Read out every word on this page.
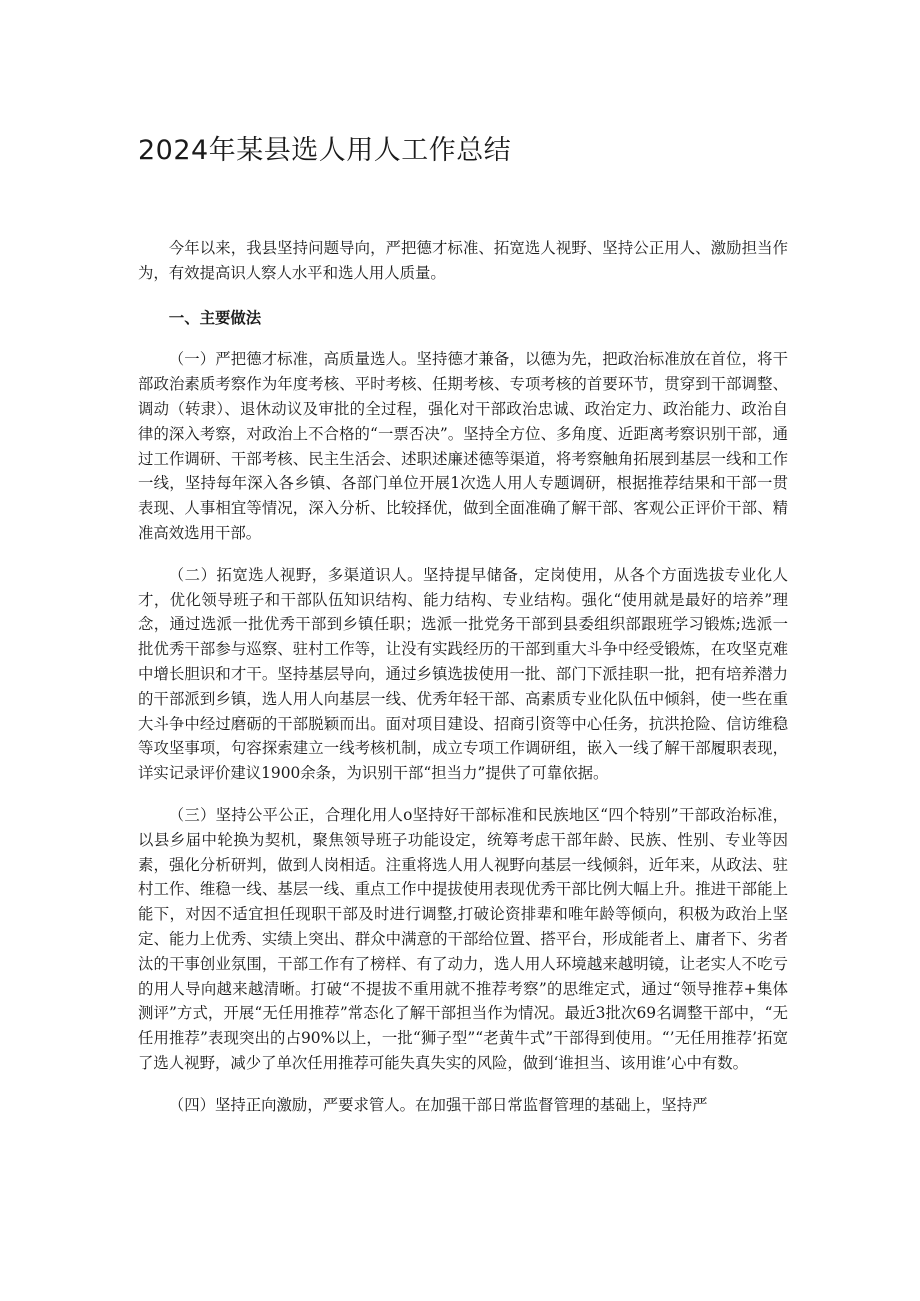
2024年某县选人用人工作总结

今年以来，我县坚持问题导向，严把德才标准、拓宽选人视野、坚持公正用人、激励担当作为，有效提高识人察人水平和选人用人质量。

一、主要做法

（一）严把德才标准，高质量选人。坚持德才兼备，以德为先，把政治标准放在首位，将干部政治素质考察作为年度考核、平时考核、任期考核、专项考核的首要环节，贯穿到干部调整、调动（转隶）、退休动议及审批的全过程，强化对干部政治忠诚、政治定力、政治能力、政治自律的深入考察，对政治上不合格的“一票否决”。坚持全方位、多角度、近距离考察识别干部，通过工作调研、干部考核、民主生活会、述职述廉述德等渠道，将考察触角拓展到基层一线和工作一线，坚持每年深入各乡镇、各部门单位开展1次选人用人专题调研，根据推荐结果和干部一贯表现、人事相宜等情况，深入分析、比较择优，做到全面准确了解干部、客观公正评价干部、精准高效选用干部。

（二）拓宽选人视野，多渠道识人。坚持提早储备，定岗使用，从各个方面选拔专业化人才，优化领导班子和干部队伍知识结构、能力结构、专业结构。强化“使用就是最好的培养”理念，通过选派一批优秀干部到乡镇任职；选派一批党务干部到县委组织部跟班学习锻炼;选派一批优秀干部参与巡察、驻村工作等，让没有实践经历的干部到重大斗争中经受锻炼，在攻坚克难中增长胆识和才干。坚持基层导向，通过乡镇选拔使用一批、部门下派挂职一批，把有培养潜力的干部派到乡镇，选人用人向基层一线、优秀年轻干部、高素质专业化队伍中倾斜，使一些在重大斗争中经过磨砺的干部脱颖而出。面对项目建设、招商引资等中心任务，抗洪抢险、信访维稳等攻坚事项，句容探索建立一线考核机制，成立专项工作调研组，嵌入一线了解干部履职表现，详实记录评价建议1900余条，为识别干部“担当力”提供了可靠依据。

（三）坚持公平公正，合理化用人o坚持好干部标准和民族地区“四个特别”干部政治标准，以县乡届中轮换为契机，聚焦领导班子功能设定，统筹考虑干部年龄、民族、性别、专业等因素，强化分析研判，做到人岗相适。注重将选人用人视野向基层一线倾斜，近年来，从政法、驻村工作、维稳一线、基层一线、重点工作中提拔使用表现优秀干部比例大幅上升。推进干部能上能下，对因不适宜担任现职干部及时进行调整,打破论资排辈和唯年龄等倾向，积极为政治上坚定、能力上优秀、实绩上突出、群众中满意的干部给位置、搭平台，形成能者上、庸者下、劣者汰的干事创业氛围，干部工作有了榜样、有了动力，选人用人环境越来越明镜，让老实人不吃亏的用人导向越来越清晰。打破“不提拔不重用就不推荐考察”的思维定式，通过“领导推荐+集体测评”方式，开展“无任用推荐”常态化了解干部担当作为情况。最近3批次69名调整干部中，“无任用推荐”表现突出的占90%以上，一批“狮子型”“老黄牛式”干部得到使用。“’无任用推荐’拓宽了选人视野，减少了单次任用推荐可能失真失实的风险，做到‘谁担当、该用谁’心中有数。

（四）坚持正向激励，严要求管人。在加强干部日常监督管理的基础上，坚持严
